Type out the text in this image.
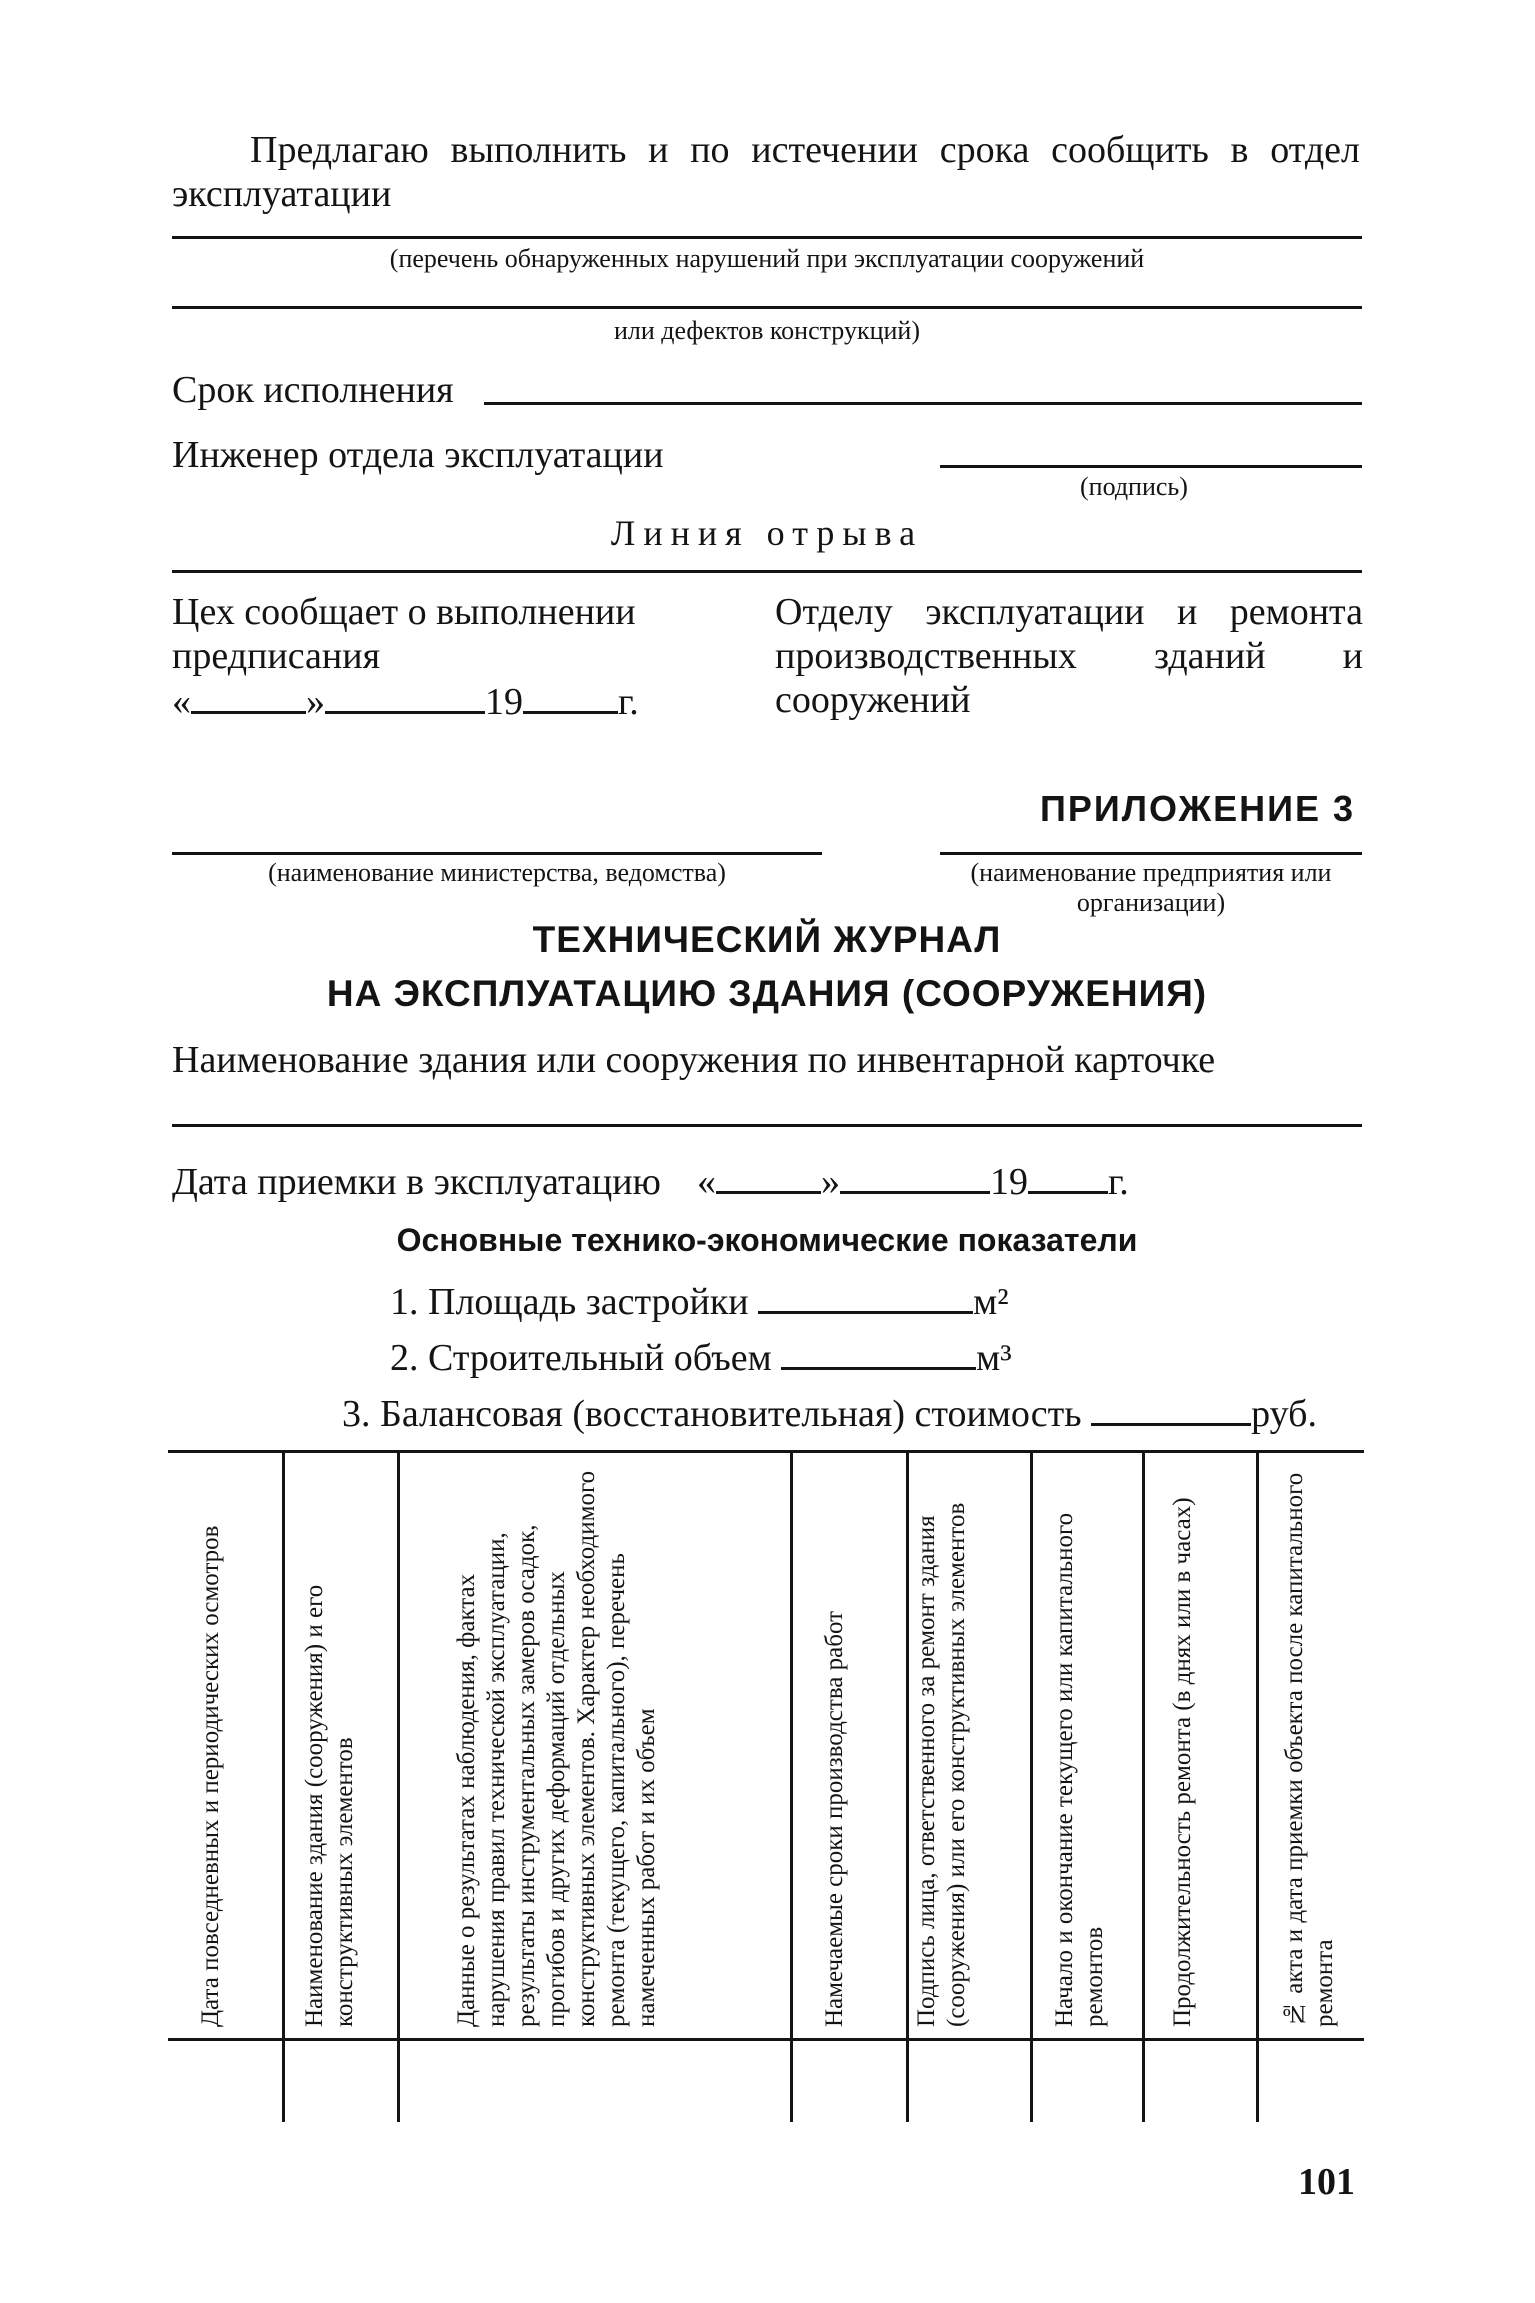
Предлагаю выполнить и по истечении срока сообщить в отдел эксплуатации
(перечень обнаруженных нарушений при эксплуатации сооружений
или дефектов конструкций)
Срок исполнения
Инженер отдела эксплуатации
(подпись)
Линия отрыва
Цех сообщает о выполнении предписания
«	»	19	г.
Отделу эксплуатации и ремонта производственных зданий и сооружений
ПРИЛОЖЕНИЕ 3
(наименование министерства, ведомства)	(наименование предприятия или организации)
ТЕХНИЧЕСКИЙ ЖУРНАЛ
НА ЭКСПЛУАТАЦИЮ ЗДАНИЯ (СООРУЖЕНИЯ)
Наименование здания или сооружения по инвентарной карточке
Дата приемки в эксплуатацию «	»	19 г.
Основные технико-экономические показатели
1. Площадь застройки	м²
2. Строительный объем	м³
3. Балансовая (восстановительная) стоимость	руб.
Дата повседневных и периодических осмотров	Наименование здания (сооружения) и его конструктивных элементов	Данные о результатах наблюдения, фактах нарушения правил технической эксплуатации, результаты инструментальных замеров осадок, прогибов и других деформаций отдельных конструктивных элементов. Характер необходимого ремонта (текущего, капитального), перечень намеченных работ и их объем	Намечаемые сроки производства работ	Подпись лица, ответственного за ремонт здания (сооружения) или его конструктивных элементов	Начало и окончание текущего или капитального ремонтов	Продолжительность ремонта (в днях или в часах)	№ акта и дата приемки объекта после капитального ремонта
101
